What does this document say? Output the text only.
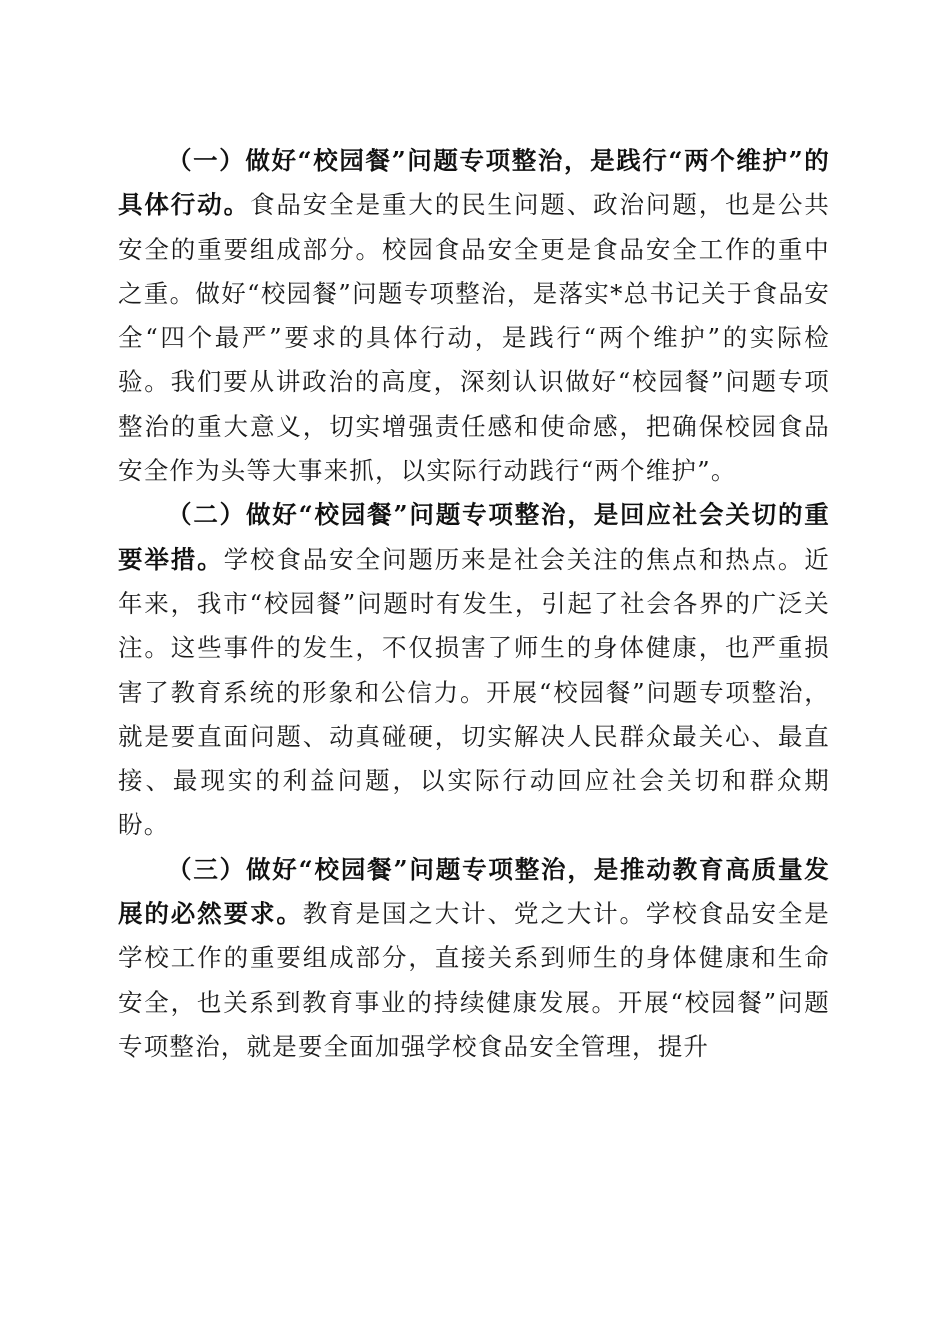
（一）做好“校园餐”问题专项整治，是践行“两个维护”的具体行动。食品安全是重大的民生问题、政治问题，也是公共安全的重要组成部分。校园食品安全更是食品安全工作的重中之重。做好“校园餐”问题专项整治，是落实*总书记关于食品安全“四个最严”要求的具体行动，是践行“两个维护”的实际检验。我们要从讲政治的高度，深刻认识做好“校园餐”问题专项整治的重大意义，切实增强责任感和使命感，把确保校园食品安全作为头等大事来抓，以实际行动践行“两个维护”。

（二）做好“校园餐”问题专项整治，是回应社会关切的重要举措。学校食品安全问题历来是社会关注的焦点和热点。近年来，我市“校园餐”问题时有发生，引起了社会各界的广泛关注。这些事件的发生，不仅损害了师生的身体健康，也严重损害了教育系统的形象和公信力。开展“校园餐”问题专项整治，就是要直面问题、动真碰硬，切实解决人民群众最关心、最直接、最现实的利益问题，以实际行动回应社会关切和群众期盼。

（三）做好“校园餐”问题专项整治，是推动教育高质量发展的必然要求。教育是国之大计、党之大计。学校食品安全是学校工作的重要组成部分，直接关系到师生的身体健康和生命安全，也关系到教育事业的持续健康发展。开展“校园餐”问题专项整治，就是要全面加强学校食品安全管理，提升
